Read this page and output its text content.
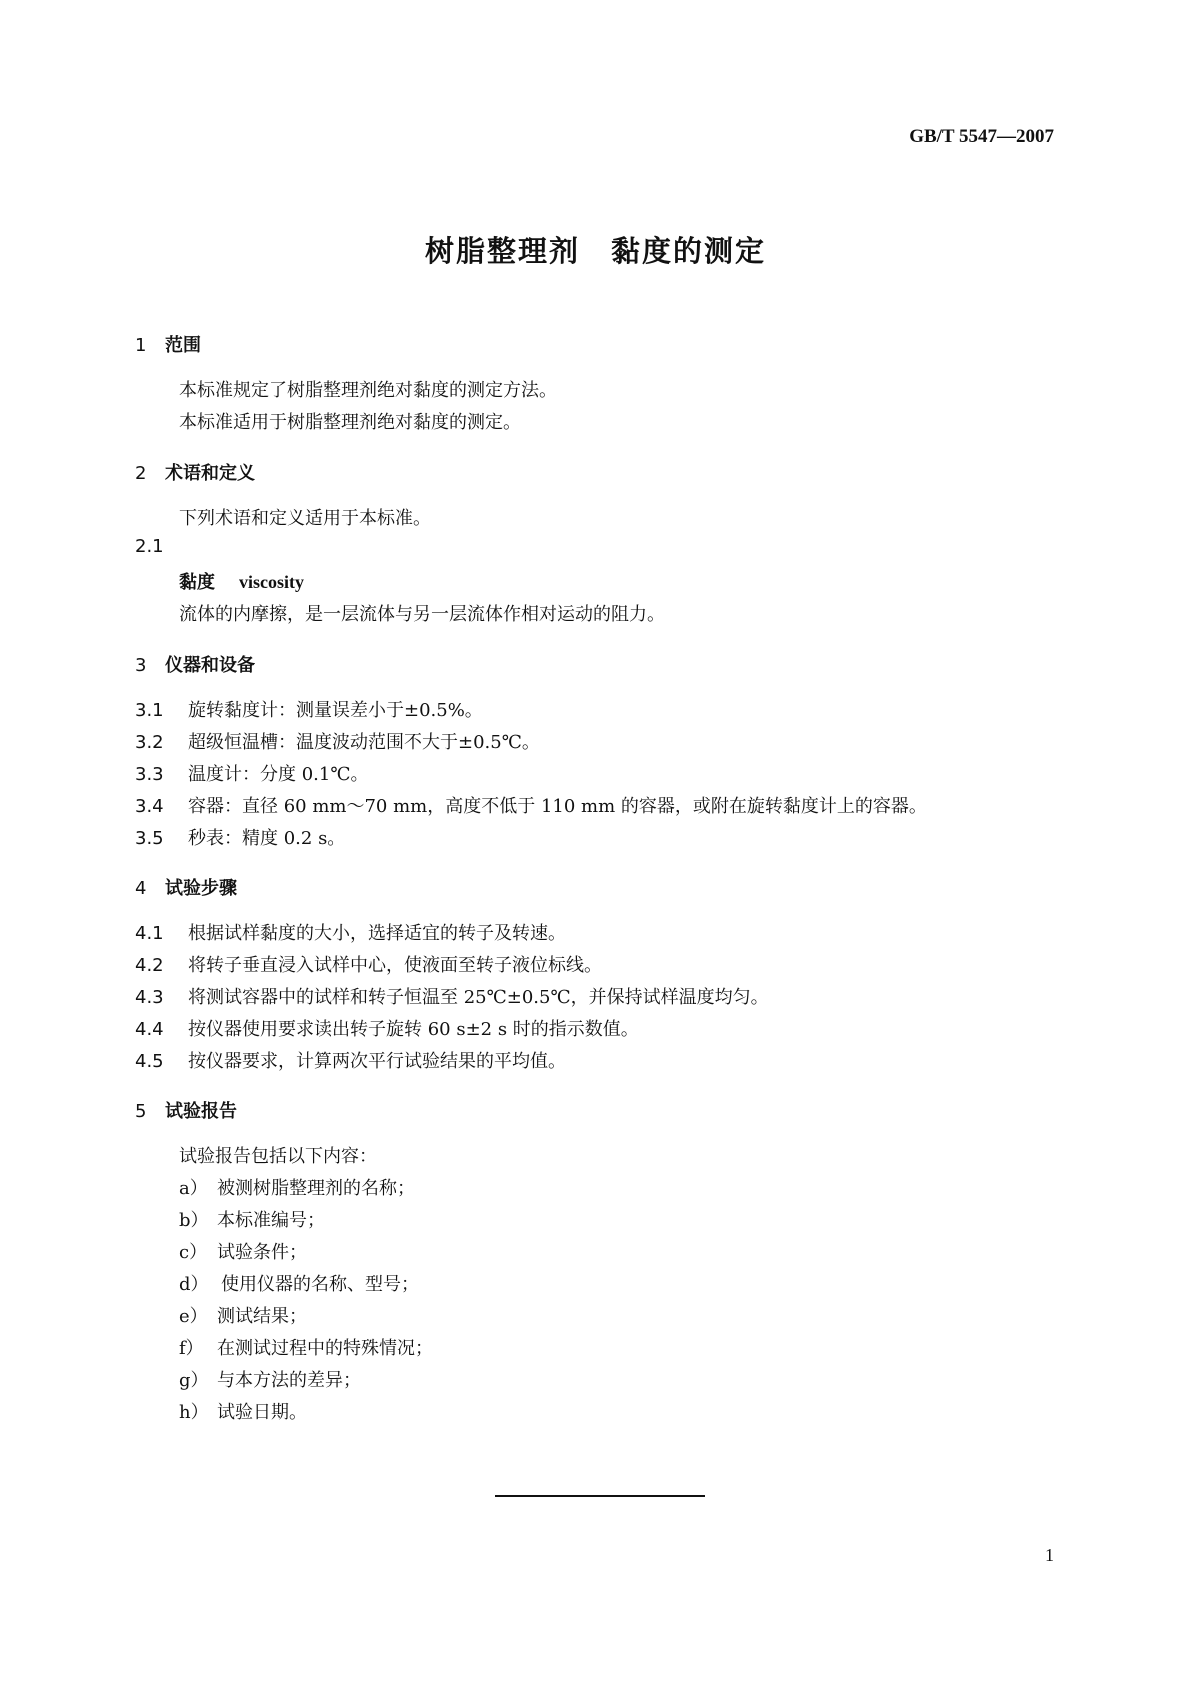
GB/T 5547—2007
树脂整理剂　黏度的测定
1 范围
本标准规定了树脂整理剂绝对黏度的测定方法。
本标准适用于树脂整理剂绝对黏度的测定。
2 术语和定义
下列术语和定义适用于本标准。
2.1
黏度 viscosity
流体的内摩擦，是一层流体与另一层流体作相对运动的阻力。
3 仪器和设备
3.1 旋转黏度计：测量误差小于±0.5%。
3.2 超级恒温槽：温度波动范围不大于±0.5℃。
3.3 温度计：分度 0.1℃。
3.4 容器：直径 60 mm～70 mm，高度不低于 110 mm 的容器，或附在旋转黏度计上的容器。
3.5 秒表：精度 0.2 s。
4 试验步骤
4.1 根据试样黏度的大小，选择适宜的转子及转速。
4.2 将转子垂直浸入试样中心，使液面至转子液位标线。
4.3 将测试容器中的试样和转子恒温至 25℃±0.5℃，并保持试样温度均匀。
4.4 按仪器使用要求读出转子旋转 60 s±2 s 时的指示数值。
4.5 按仪器要求，计算两次平行试验结果的平均值。
5 试验报告
试验报告包括以下内容：
a） 被测树脂整理剂的名称；
b） 本标准编号；
c） 试验条件；
d） 使用仪器的名称、型号；
e） 测试结果；
f） 在测试过程中的特殊情况；
g） 与本方法的差异；
h） 试验日期。
1
